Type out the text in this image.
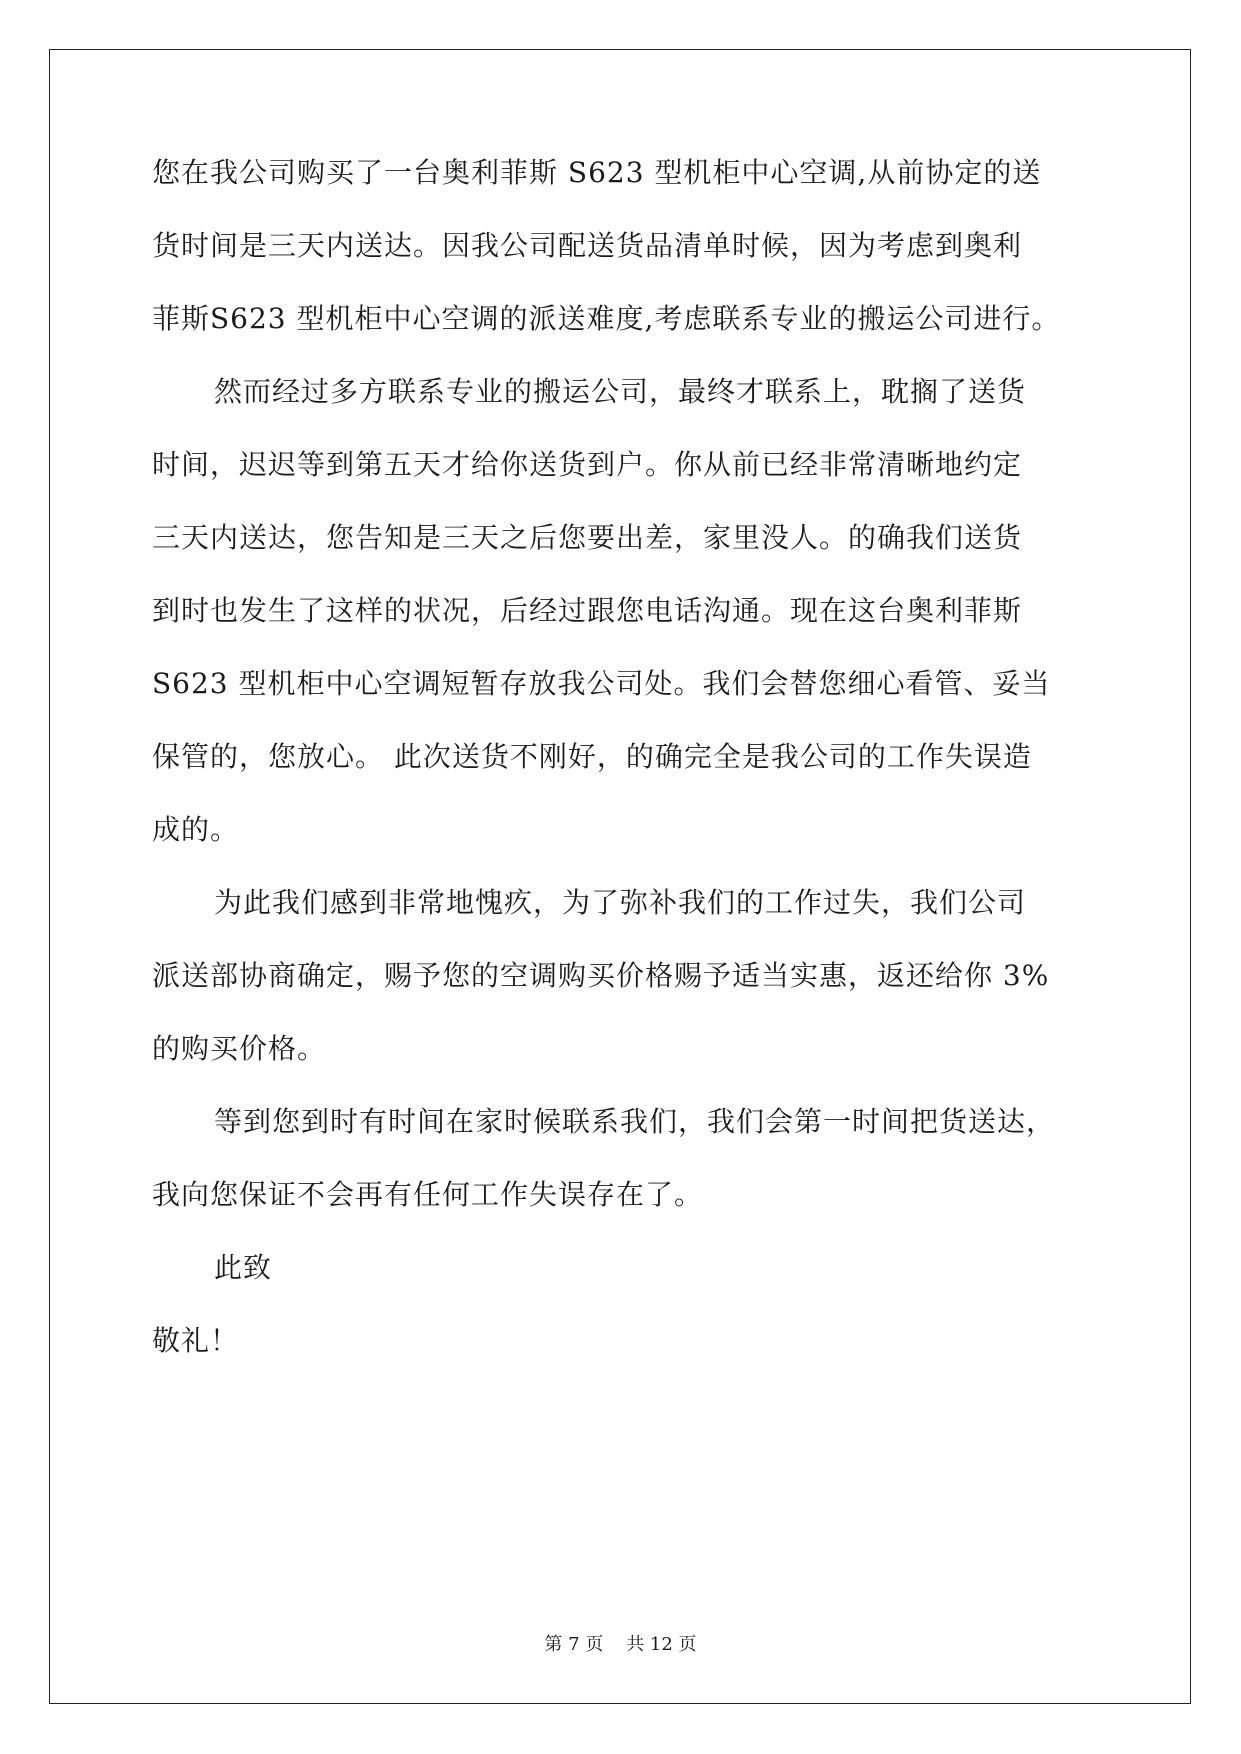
您在我公司购买了一台奥利菲斯 S623 型机柜中心空调,从前协定的送
货时间是三天内送达。因我公司配送货品清单时候，因为考虑到奥利
菲斯S623 型机柜中心空调的派送难度,考虑联系专业的搬运公司进行。
然而经过多方联系专业的搬运公司，最终才联系上，耽搁了送货
时间，迟迟等到第五天才给你送货到户。你从前已经非常清晰地约定
三天内送达，您告知是三天之后您要出差，家里没人。的确我们送货
到时也发生了这样的状况，后经过跟您电话沟通。现在这台奥利菲斯
S623 型机柜中心空调短暂存放我公司处。我们会替您细心看管、妥当
保管的，您放心。 此次送货不刚好，的确完全是我公司的工作失误造
成的。
为此我们感到非常地愧疚，为了弥补我们的工作过失，我们公司
派送部协商确定，赐予您的空调购买价格赐予适当实惠，返还给你 3%
的购买价格。
等到您到时有时间在家时候联系我们，我们会第一时间把货送达，
我向您保证不会再有任何工作失误存在了。
此致
敬礼！
第 7 页    共 12 页
